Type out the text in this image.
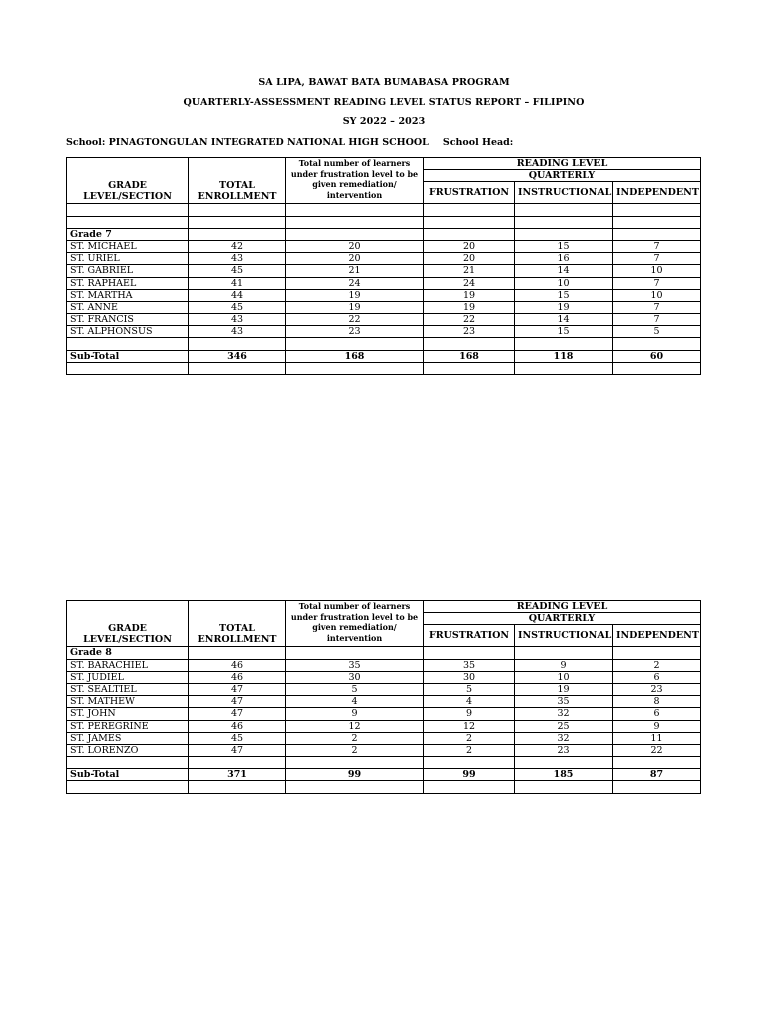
SA LIPA, BAWAT BATA BUMABASA PROGRAM
QUARTERLY-ASSESSMENT READING LEVEL STATUS REPORT – FILIPINO
SY 2022 – 2023
School: PINAGTONGULAN INTEGRATED NATIONAL HIGH SCHOOL School Head:
GRADE LEVEL/SECTION	TOTAL ENROLLMENT	Total number of learners under frustration level to be given remediation/ intervention	READING LEVEL		
			QUARTERLY		
			FRUSTRATION	INSTRUCTIONAL	INDEPENDENT

Grade 7					
ST. MICHAEL	42	20	20	15	7
ST. URIEL	43	20	20	16	7
ST. GABRIEL	45	21	21	14	10
ST. RAPHAEL	41	24	24	10	7
ST. MARTHA	44	19	19	15	10
ST. ANNE	45	19	19	19	7
ST. FRANCIS	43	22	22	14	7
ST. ALPHONSUS	43	23	23	15	5

Sub-Total	346	168	168	118	60

GRADE LEVEL/SECTION	TOTAL ENROLLMENT	Total number of learners under frustration level to be given remediation/ intervention	READING LEVEL		
			QUARTERLY		
			FRUSTRATION	INSTRUCTIONAL	INDEPENDENT
Grade 8					
ST. BARACHIEL	46	35	35	9	2
ST. JUDIEL	46	30	30	10	6
ST. SEALTIEL	47	5	5	19	23
ST. MATHEW	47	4	4	35	8
ST. JOHN	47	9	9	32	6
ST. PEREGRINE	46	12	12	25	9
ST. JAMES	45	2	2	32	11
ST. LORENZO	47	2	2	23	22

Sub-Total	371	99	99	185	87
